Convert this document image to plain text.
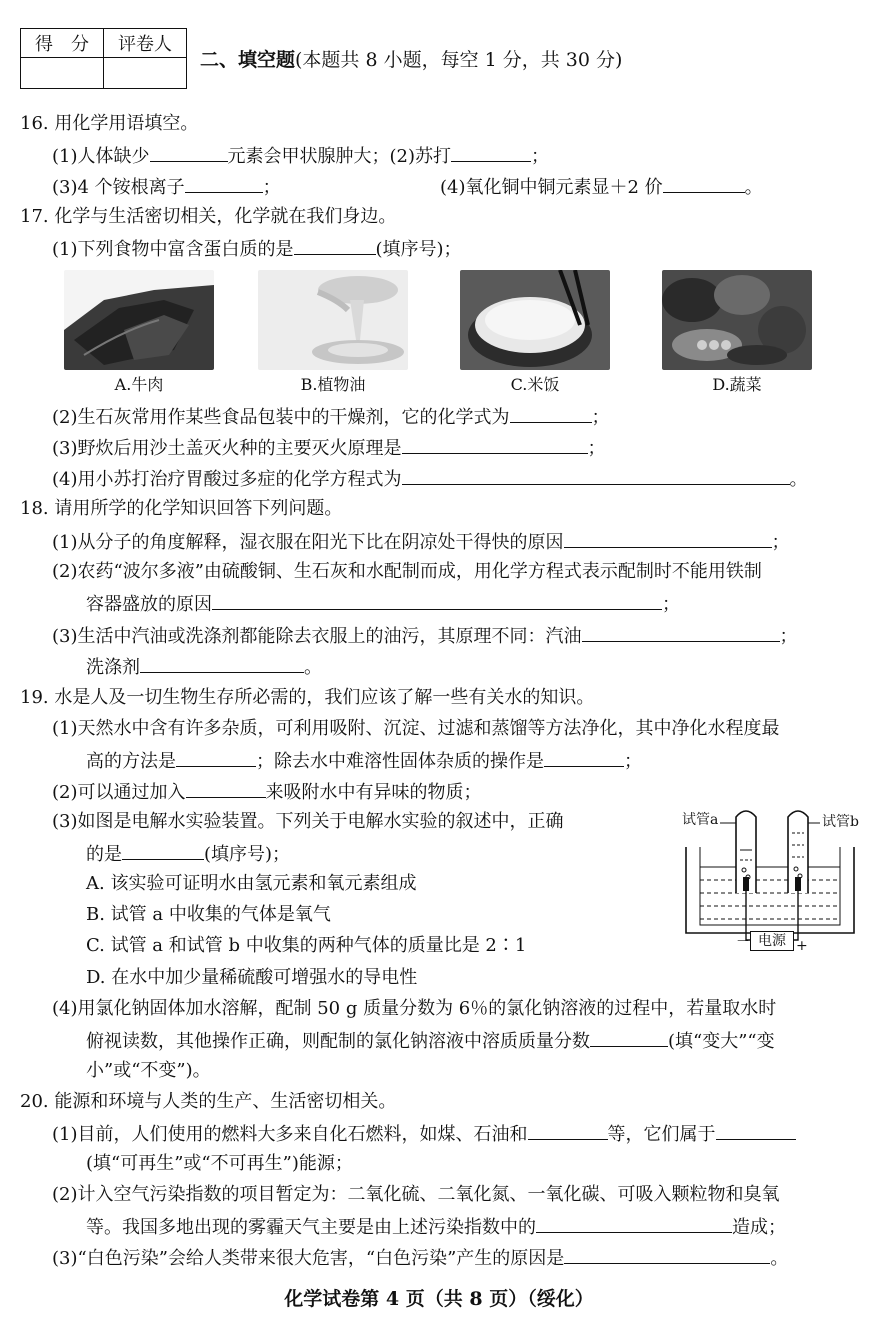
得　分	评卷人

二、填空题(本题共 8 小题，每空 1 分，共 30 分)
16. 用化学用语填空。
(1)人体缺少	元素会甲状腺肿大；(2)苏打	；
(3)4 个铵根离子	；	(4)氧化铜中铜元素显＋2 价	。
17. 化学与生活密切相关，化学就在我们身边。
(1)下列食物中富含蛋白质的是	(填序号)；
A.牛肉	B.植物油	C.米饭	D.蔬菜
(2)生石灰常用作某些食品包装中的干燥剂，它的化学式为	；
(3)野炊后用沙土盖灭火种的主要灭火原理是	；
(4)用小苏打治疗胃酸过多症的化学方程式为	。
18. 请用所学的化学知识回答下列问题。
(1)从分子的角度解释，湿衣服在阳光下比在阴凉处干得快的原因	；
(2)农药“波尔多液”由硫酸铜、生石灰和水配制而成，用化学方程式表示配制时不能用铁制
容器盛放的原因	；
(3)生活中汽油或洗涤剂都能除去衣服上的油污，其原理不同：汽油	；
洗涤剂	。
19. 水是人及一切生物生存所必需的，我们应该了解一些有关水的知识。
(1)天然水中含有许多杂质，可利用吸附、沉淀、过滤和蒸馏等方法净化，其中净化水程度最
高的方法是	；除去水中难溶性固体杂质的操作是	；
(2)可以通过加入	来吸附水中有异味的物质；
(3)如图是电解水实验装置。下列关于电解水实验的叙述中，正确
的是	(填序号)；
A. 该实验可证明水由氢元素和氧元素组成
B. 试管 a 中收集的气体是氧气
C. 试管 a 和试管 b 中收集的两种气体的质量比是 2∶1
D. 在水中加少量稀硫酸可增强水的导电性
试管a	试管b
电源
－	+
(4)用氯化钠固体加水溶解，配制 50 g 质量分数为 6％的氯化钠溶液的过程中，若量取水时
俯视读数，其他操作正确，则配制的氯化钠溶液中溶质质量分数	(填“变大”“变
小”或“不变”)。
20. 能源和环境与人类的生产、生活密切相关。
(1)目前，人们使用的燃料大多来自化石燃料，如煤、石油和	等，它们属于
(填“可再生”或“不可再生”)能源；
(2)计入空气污染指数的项目暂定为：二氧化硫、二氧化氮、一氧化碳、可吸入颗粒物和臭氧
等。我国多地出现的雾霾天气主要是由上述污染指数中的	造成；
(3)“白色污染”会给人类带来很大危害，“白色污染”产生的原因是	。
化学试卷第 4 页（共 8 页）（绥化）
